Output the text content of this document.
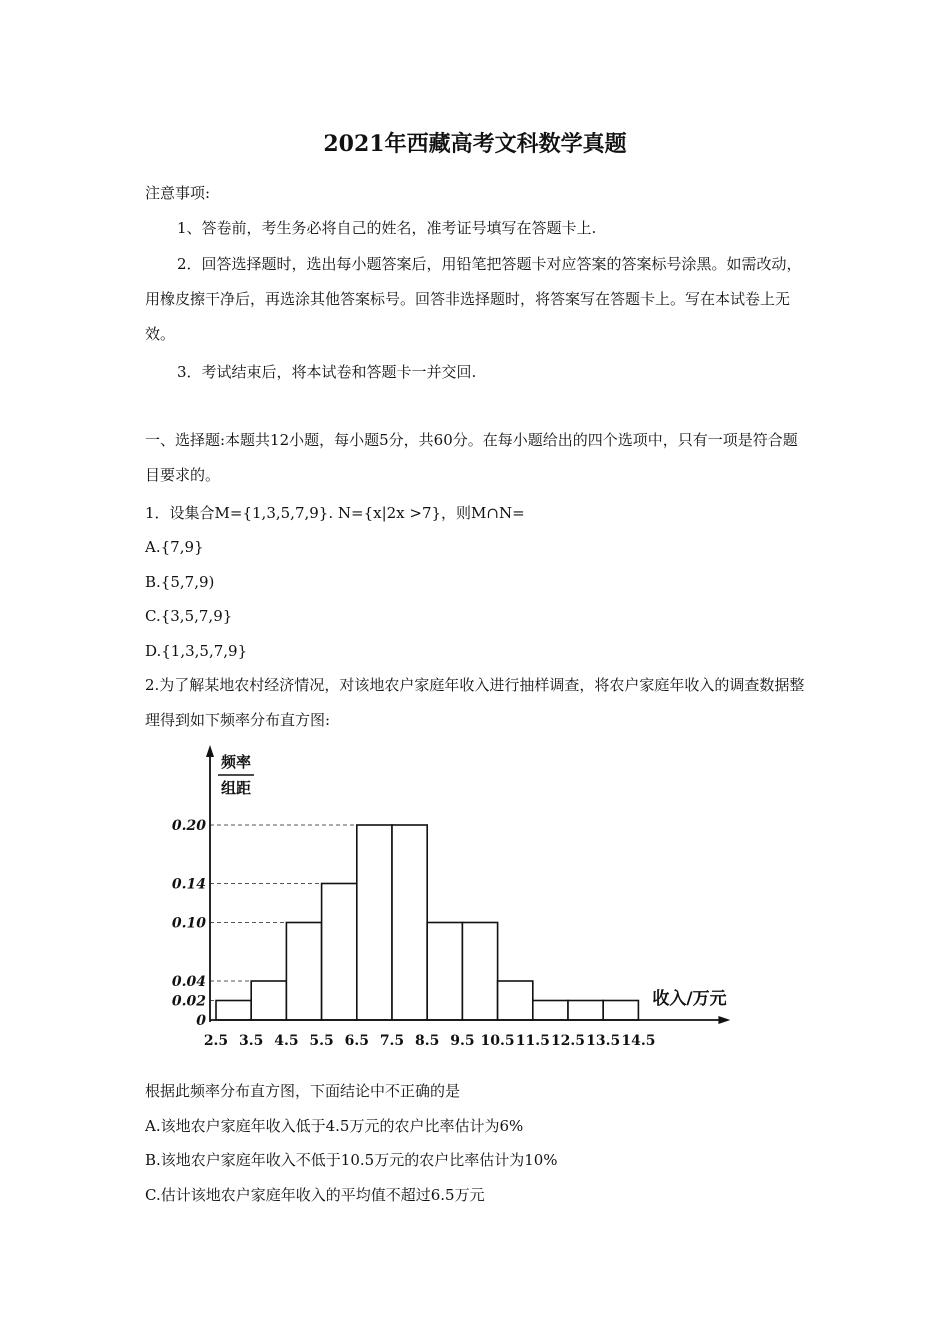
2021年西藏高考文科数学真题
注意事项:
1、答卷前，考生务必将自己的姓名，准考证号填写在答题卡上.
2．回答选择题时，选出每小题答案后，用铅笔把答题卡对应答案的答案标号涂黑。如需改动，用橡皮擦干净后，再选涂其他答案标号。回答非选择题时，将答案写在答题卡上。写在本试卷上无效。
3．考试结束后，将本试卷和答题卡一并交回.
一、选择题:本题共12小题，每小题5分，共60分。在每小题给出的四个选项中，只有一项是符合题目要求的。
1．设集合M={1,3,5,7,9}. N={x|2x >7}，则M∩N=
A.{7,9}
B.{5,7,9)
C.{3,5,7,9}
D.{1,3,5,7,9}
2.为了解某地农村经济情况，对该地农户家庭年收入进行抽样调查，将农户家庭年收入的调查数据整理得到如下频率分布直方图:
0
0.02
0.04
0.10
0.14
0.20
2.5 3.5 4.5 5.5 6.5 7.5 8.5 9.5 10.5 11.5 12.5 13.5 14.5
频率
组距
收入/万元
根据此频率分布直方图，下面结论中不正确的是
A.该地农户家庭年收入低于4.5万元的农户比率估计为6%
B.该地农户家庭年收入不低于10.5万元的农户比率估计为10%
C.估计该地农户家庭年收入的平均值不超过6.5万元
